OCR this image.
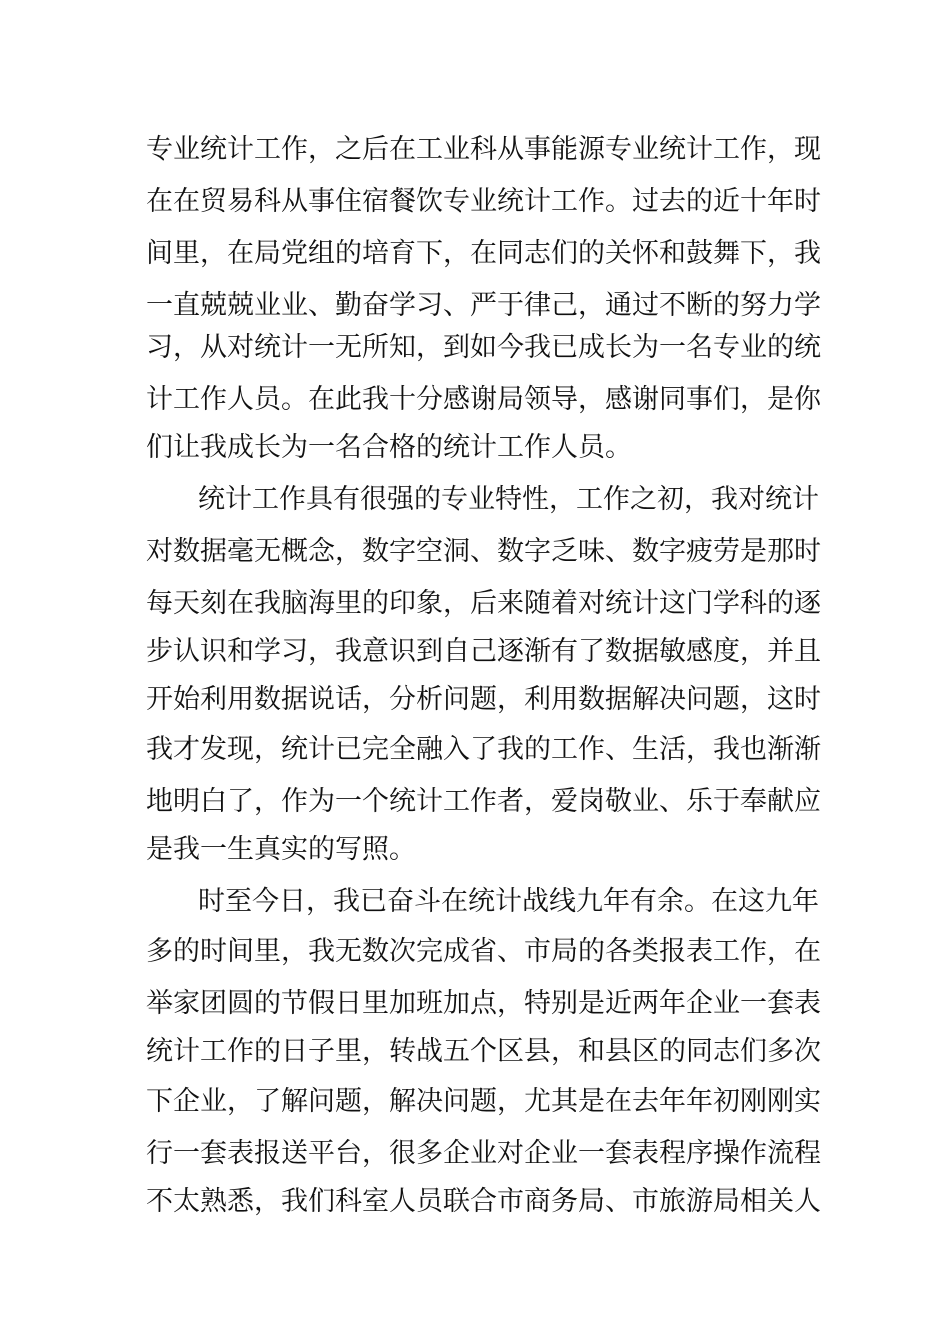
专业统计工作，之后在工业科从事能源专业统计工作，现
在在贸易科从事住宿餐饮专业统计工作。过去的近十年时
间里，在局党组的培育下，在同志们的关怀和鼓舞下，我
一直兢兢业业、勤奋学习、严于律己，通过不断的努力学
习，从对统计一无所知，到如今我已成长为一名专业的统
计工作人员。在此我十分感谢局领导，感谢同事们，是你
们让我成长为一名合格的统计工作人员。
统计工作具有很强的专业特性，工作之初，我对统计
对数据毫无概念，数字空洞、数字乏味、数字疲劳是那时
每天刻在我脑海里的印象，后来随着对统计这门学科的逐
步认识和学习，我意识到自己逐渐有了数据敏感度，并且
开始利用数据说话，分析问题，利用数据解决问题，这时
我才发现，统计已完全融入了我的工作、生活，我也渐渐
地明白了，作为一个统计工作者，爱岗敬业、乐于奉献应
是我一生真实的写照。
时至今日，我已奋斗在统计战线九年有余。在这九年
多的时间里，我无数次完成省、市局的各类报表工作，在
举家团圆的节假日里加班加点，特别是近两年企业一套表
统计工作的日子里，转战五个区县，和县区的同志们多次
下企业，了解问题，解决问题，尤其是在去年年初刚刚实
行一套表报送平台，很多企业对企业一套表程序操作流程
不太熟悉，我们科室人员联合市商务局、市旅游局相关人
